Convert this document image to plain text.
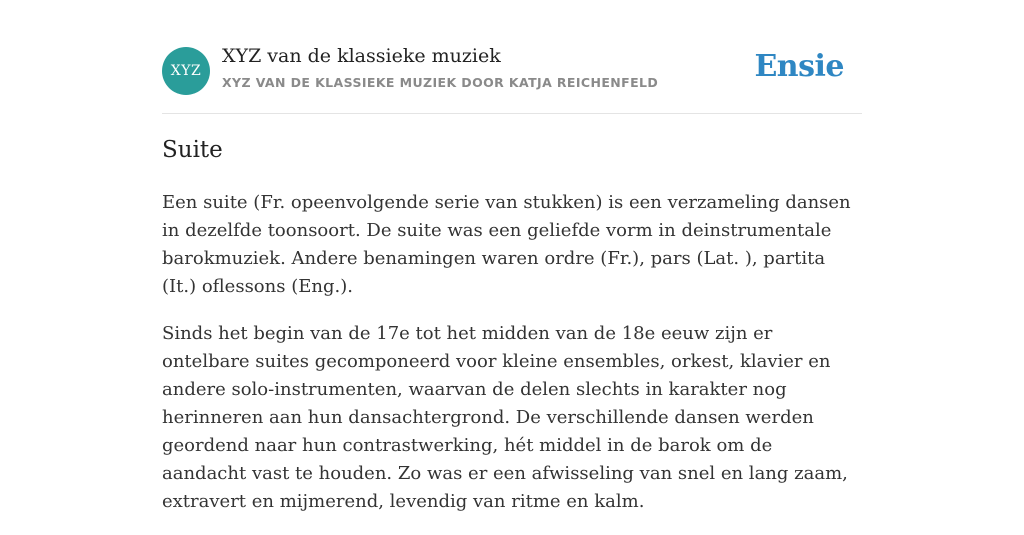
XYZ
XYZ van de klassieke muziek
XYZ VAN DE KLASSIEKE MUZIEK DOOR KATJA REICHENFELD	Ensie
Suite

Een suite (Fr. opeenvolgende serie van stukken) is een verzameling dansen in dezelfde toonsoort. De suite was een geliefde vorm in deinstrumentale barokmuziek. Andere benamingen waren ordre (Fr.), pars (Lat. ), partita (It.) oflessons (Eng.).

Sinds het begin van de 17e tot het midden van de 18e eeuw zijn er ontelbare suites gecomponeerd voor kleine ensembles, orkest, klavier en andere solo-instrumenten, waarvan de delen slechts in karakter nog herinneren aan hun dansachtergrond. De verschillende dansen werden geordend naar hun contrastwerking, hét middel in de barok om de aandacht vast te houden. Zo was er een afwisseling van snel en lang zaam, extravert en mijmerend, levendig van ritme en kalm.
